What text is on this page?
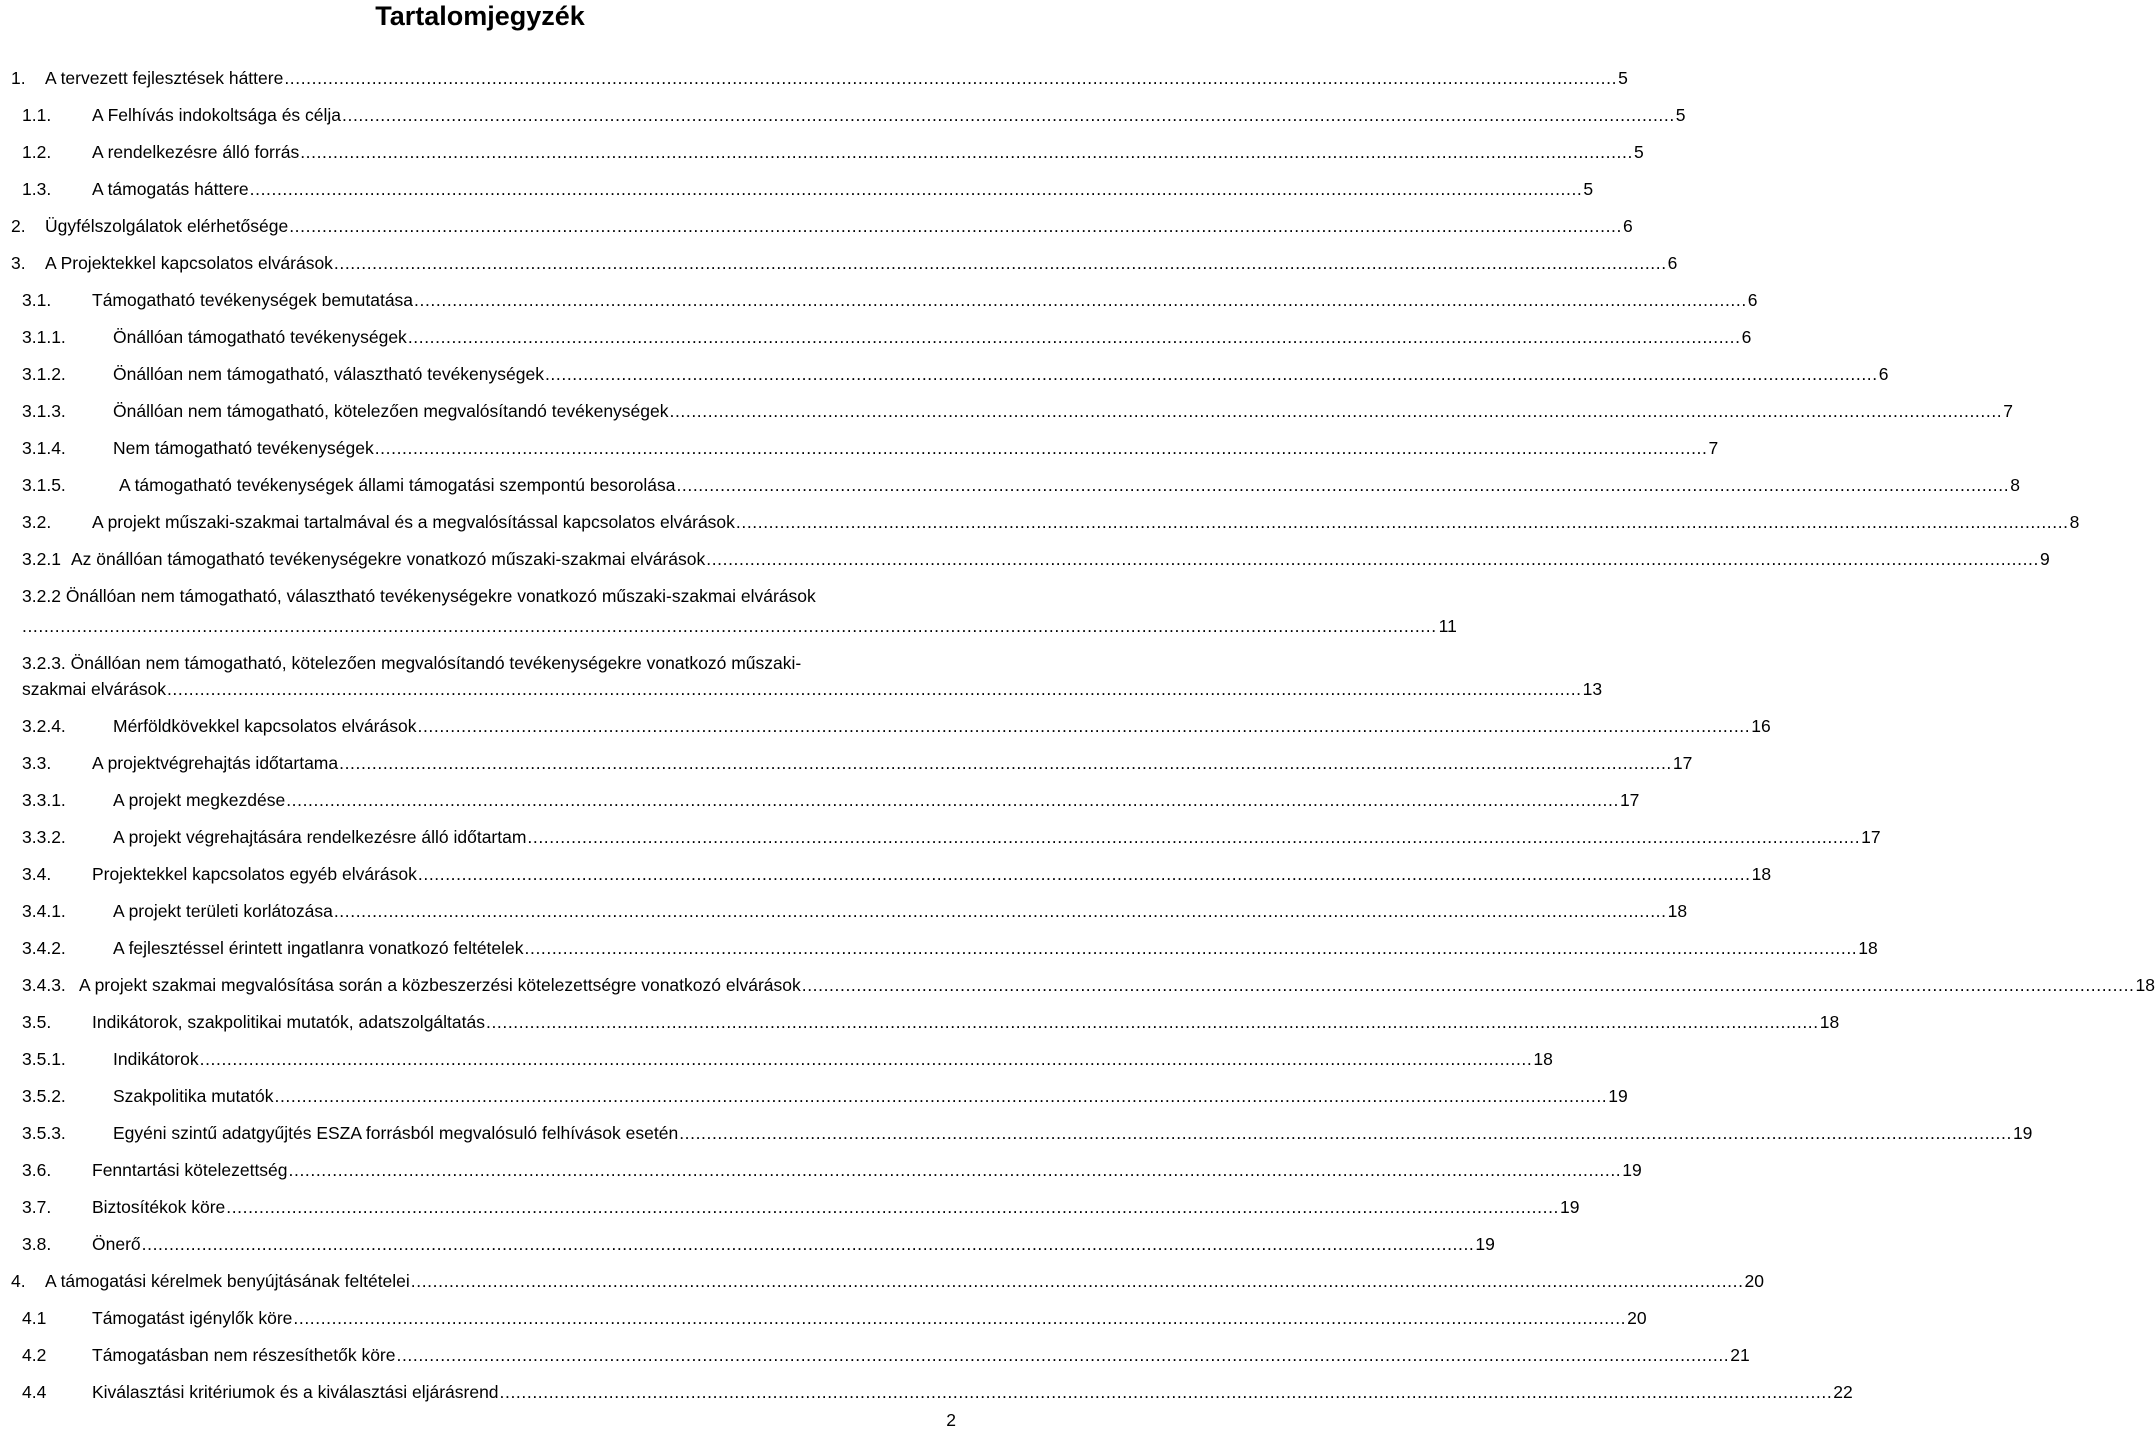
Tartalomjegyzék
1. A tervezett fejlesztések háttere .....	5
1.1. A Felhívás indokoltsága és célja .....	5
1.2. A rendelkezésre álló forrás .....	5
1.3. A támogatás háttere .....	5
2. Ügyfélszolgálatok elérhetősége .....	6
3. A Projektekkel kapcsolatos elvárások .....	6
3.1. Támogatható tevékenységek bemutatása .....	6
3.1.1.	Önállóan támogatható tevékenységek .....	6
3.1.2.	Önállóan nem támogatható, választható tevékenységek .....	6
3.1.3.	Önállóan nem támogatható, kötelezően megvalósítandó tevékenységek .....	7
3.1.4.	Nem támogatható tevékenységek .....	7
3.1.5.	A támogatható tevékenységek állami támogatási szempontú besorolása .....	8
3.2. A projekt műszaki-szakmai tartalmával és a megvalósítással kapcsolatos elvárások .....	8
3.2.1 Az önállóan támogatható tevékenységekre vonatkozó műszaki-szakmai elvárások .....	9
3.2.2 Önállóan nem támogatható, választható tevékenységekre vonatkozó műszaki-szakmai elvárások
................................................................................................................................................................................................................................................................... 11
3.2.3. Önállóan nem támogatható, kötelezően megvalósítandó tevékenységekre vonatkozó műszaki-
szakmai elvárások ................................................................................................................................................................................................................................................................... 13
3.2.4.	Mérföldkövekkel kapcsolatos elvárások .....	16
3.3. A projektvégrehajtás időtartama .....	17
3.3.1.	A projekt megkezdése .....	17
3.3.2.	A projekt végrehajtására rendelkezésre álló időtartam .....	17
3.4. Projektekkel kapcsolatos egyéb elvárások .....	18
3.4.1.	A projekt területi korlátozása .....	18
3.4.2.	A fejlesztéssel érintett ingatlanra vonatkozó feltételek .....	18
3.4.3. A projekt szakmai megvalósítása során a közbeszerzési kötelezettségre vonatkozó elvárások .....	18
3.5. Indikátorok, szakpolitikai mutatók, adatszolgáltatás .....	18
3.5.1.	Indikátorok .....	18
3.5.2.	Szakpolitika mutatók .....	19
3.5.3.	Egyéni szintű adatgyűjtés ESZA forrásból megvalósuló felhívások esetén .....	19
3.6. Fenntartási kötelezettség .....	19
3.7. Biztosítékok köre .....	19
3.8. Önerő .....	19
4. A támogatási kérelmek benyújtásának feltételei .....	20
4.1	Támogatást igénylők köre .....	20
4.2	Támogatásban nem részesíthetők köre .....	21
4.4	Kiválasztási kritériumok és a kiválasztási eljárásrend .....	22
2
